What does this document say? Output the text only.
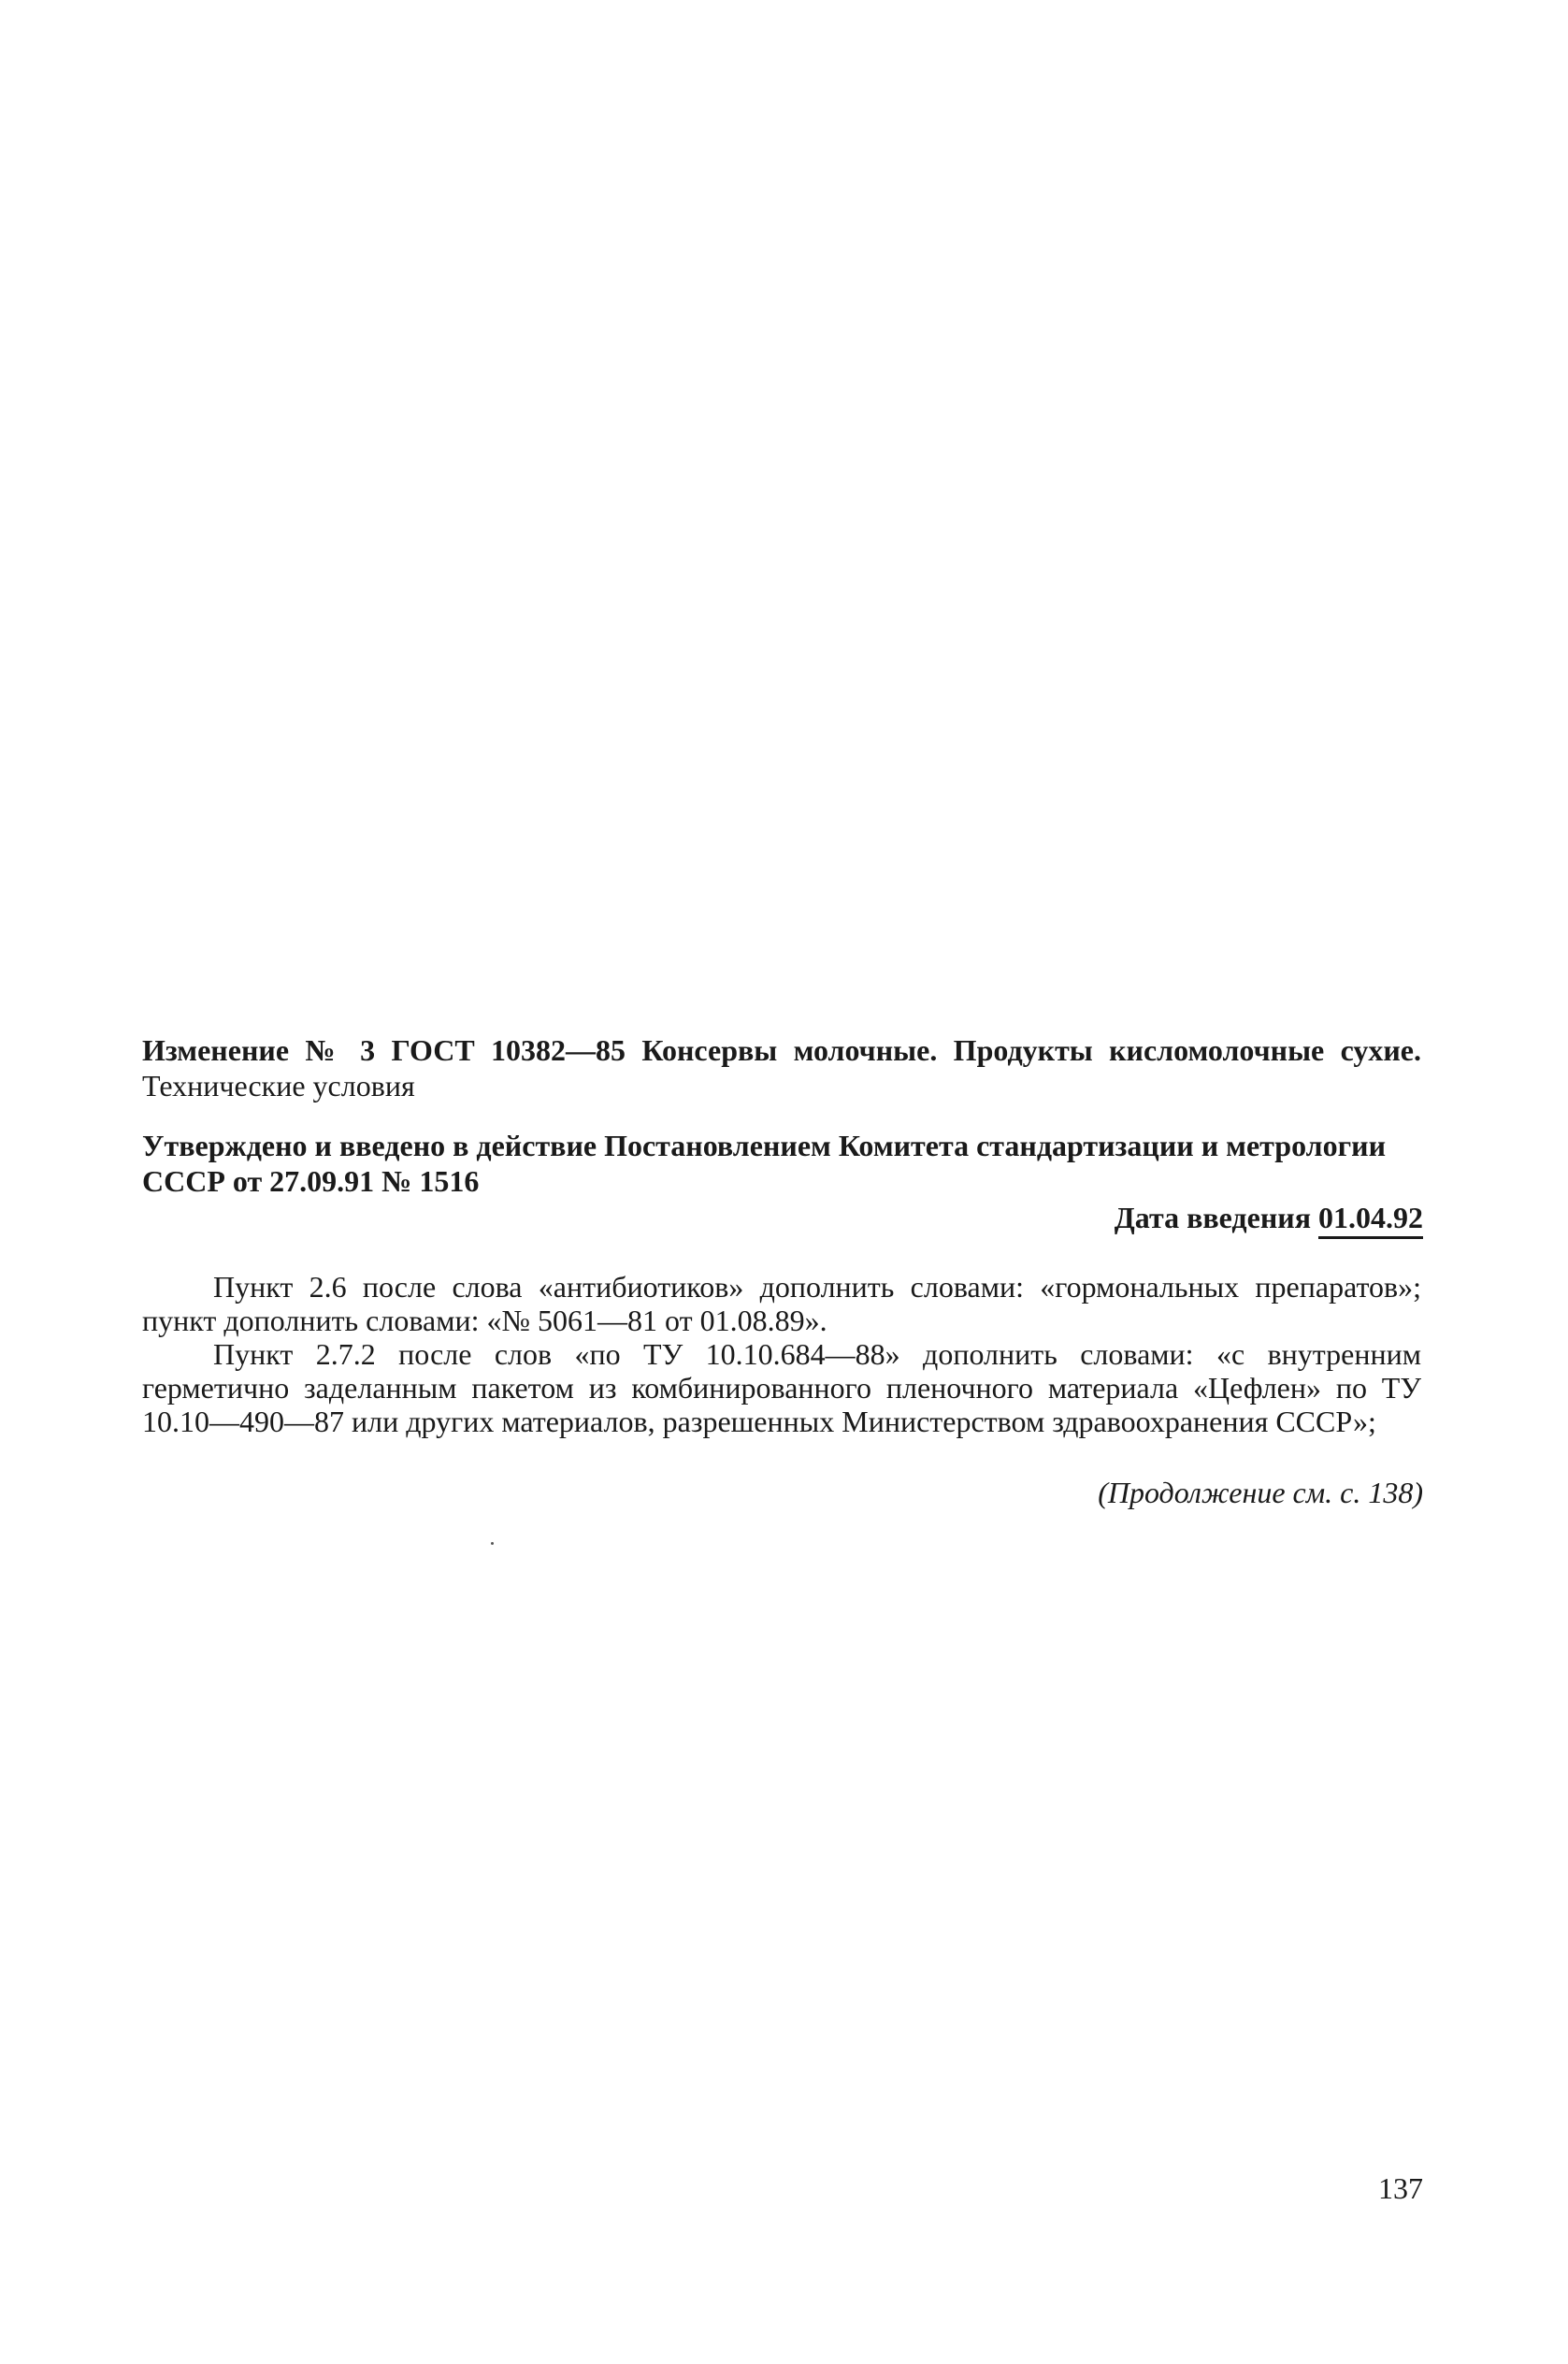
Изменение № 3 ГОСТ 10382—85 Консервы молочные. Продукты кисломолочные сухие. Технические условия
Утверждено и введено в действие Постановлением Комитета стандартизации и метрологии СССР от 27.09.91 № 1516
Дата введения 01.04.92

Пункт 2.6 после слова «антибиотиков» дополнить словами: «гормональных препаратов»; пункт дополнить словами: «№ 5061—81 от 01.08.89».

Пункт 2.7.2 после слов «по ТУ 10.10.684—88» дополнить словами: «с внутренним герметично заделанным пакетом из комбинированного пленочного материала «Цефлен» по ТУ 10.10—490—87 или других материалов, разрешенных Министерством здравоохранения СССР»;

(Продолжение см. с. 138)
137
